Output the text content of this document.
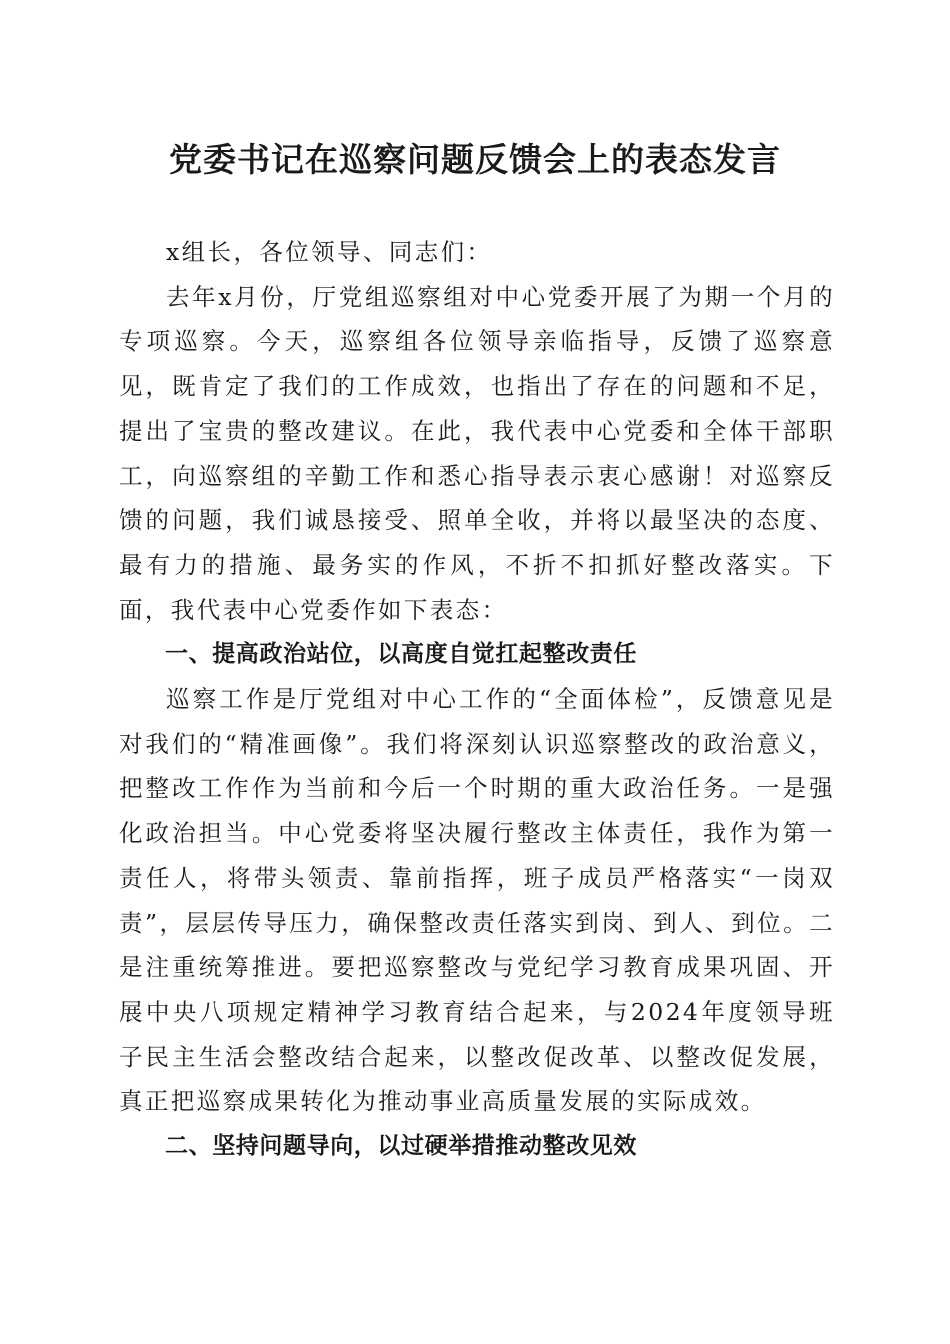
党委书记在巡察问题反馈会上的表态发言

x组长，各位领导、同志们：

去年x月份，厅党组巡察组对中心党委开展了为期一个月的专项巡察。今天，巡察组各位领导亲临指导，反馈了巡察意见，既肯定了我们的工作成效，也指出了存在的问题和不足，提出了宝贵的整改建议。在此，我代表中心党委和全体干部职工，向巡察组的辛勤工作和悉心指导表示衷心感谢！对巡察反馈的问题，我们诚恳接受、照单全收，并将以最坚决的态度、最有力的措施、最务实的作风，不折不扣抓好整改落实。下面，我代表中心党委作如下表态：

一、提高政治站位，以高度自觉扛起整改责任

巡察工作是厅党组对中心工作的“全面体检”，反馈意见是对我们的“精准画像”。我们将深刻认识巡察整改的政治意义，把整改工作作为当前和今后一个时期的重大政治任务。一是强化政治担当。中心党委将坚决履行整改主体责任，我作为第一责任人，将带头领责、靠前指挥，班子成员严格落实“一岗双责”，层层传导压力，确保整改责任落实到岗、到人、到位。二是注重统筹推进。要把巡察整改与党纪学习教育成果巩固、开展中央八项规定精神学习教育结合起来，与2024年度领导班子民主生活会整改结合起来，以整改促改革、以整改促发展，真正把巡察成果转化为推动事业高质量发展的实际成效。

二、坚持问题导向，以过硬举措推动整改见效
